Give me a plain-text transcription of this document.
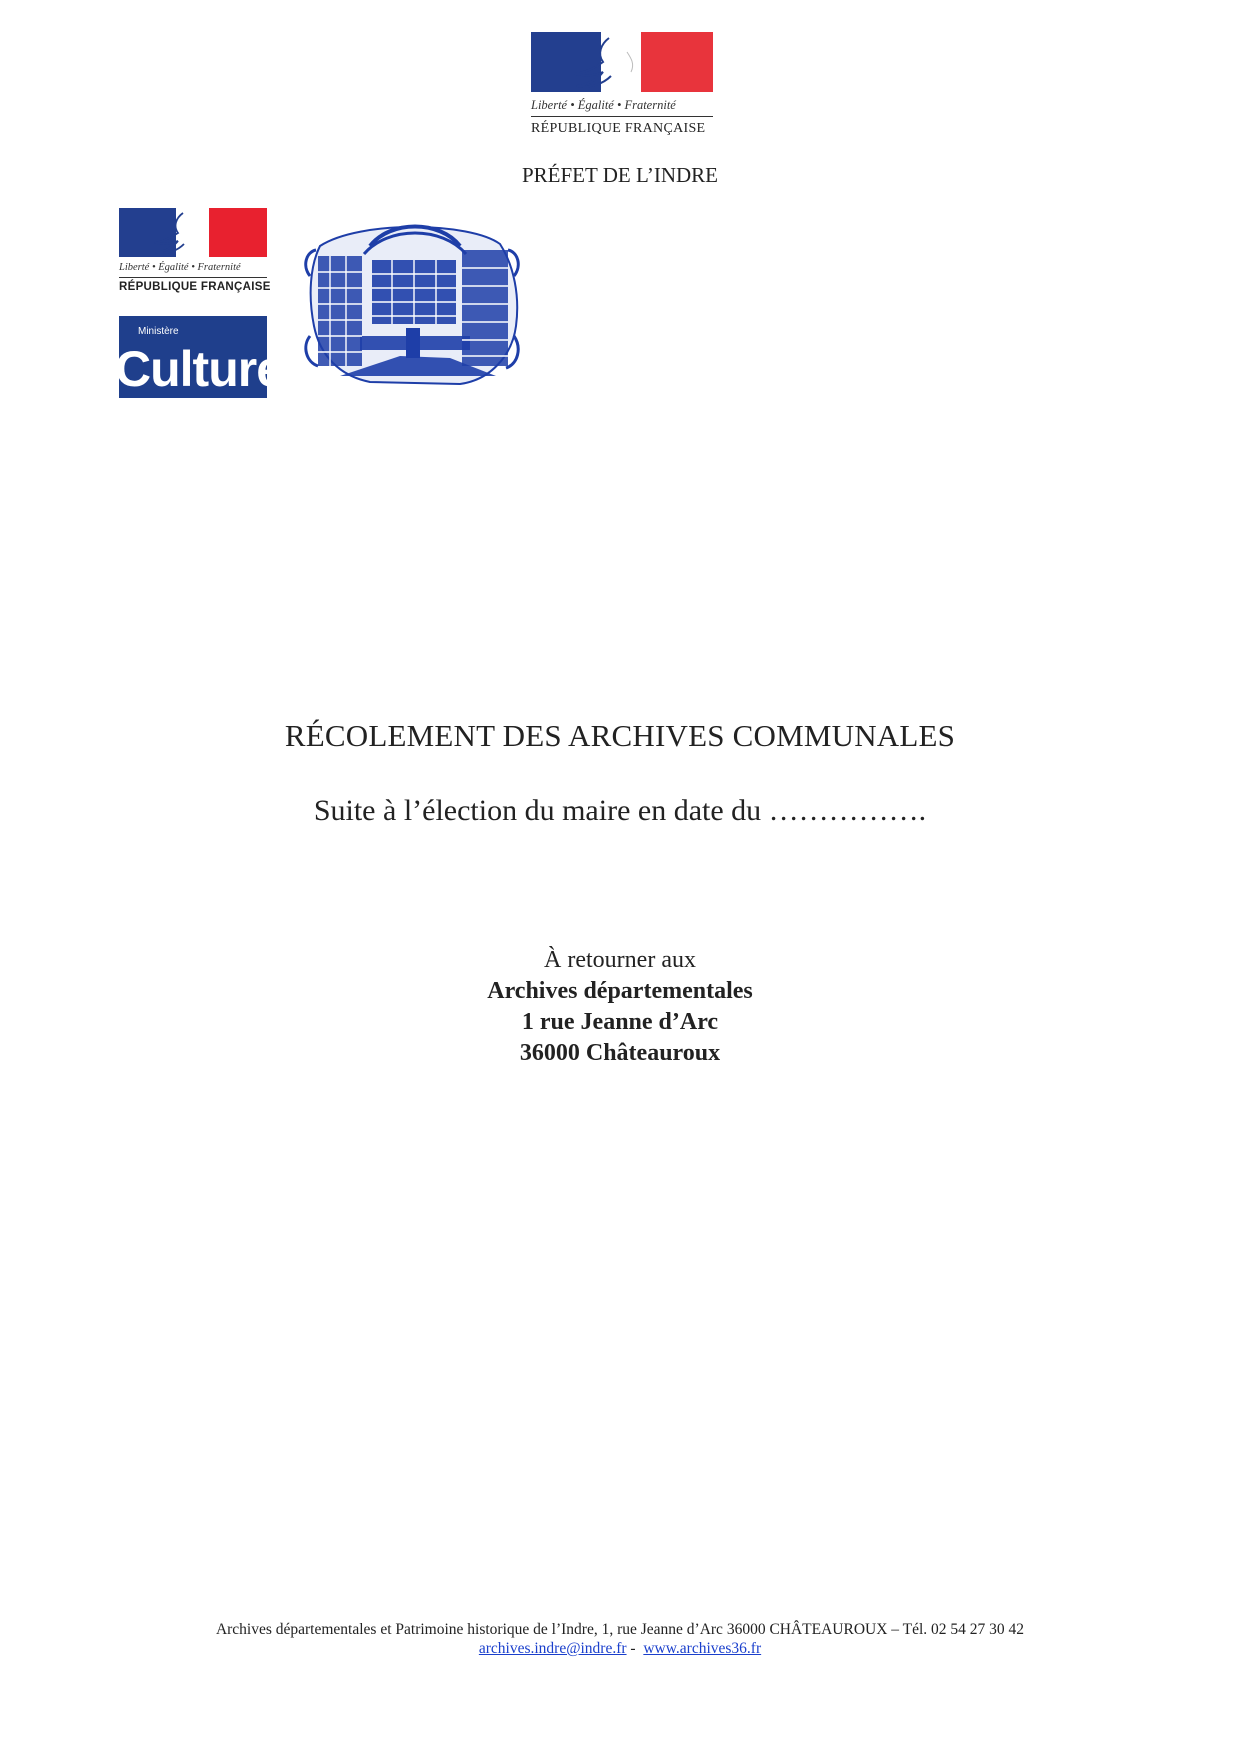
Liberté • Égalité • Fraternité
RÉPUBLIQUE FRANÇAISE
PRÉFET DE L’INDRE
Liberté • Égalité • Fraternité
RÉPUBLIQUE FRANÇAISE
Ministère
Culture
RÉCOLEMENT DES ARCHIVES COMMUNALES
Suite à l’élection du maire en date du …………….
À retourner aux
Archives départementales
1 rue Jeanne d’Arc
36000 Châteauroux
Archives départementales et Patrimoine historique de l’Indre, 1, rue Jeanne d’Arc 36000 CHÂTEAUROUX – Tél. 02 54 27 30 42
archives.indre@indre.fr -  www.archives36.fr
